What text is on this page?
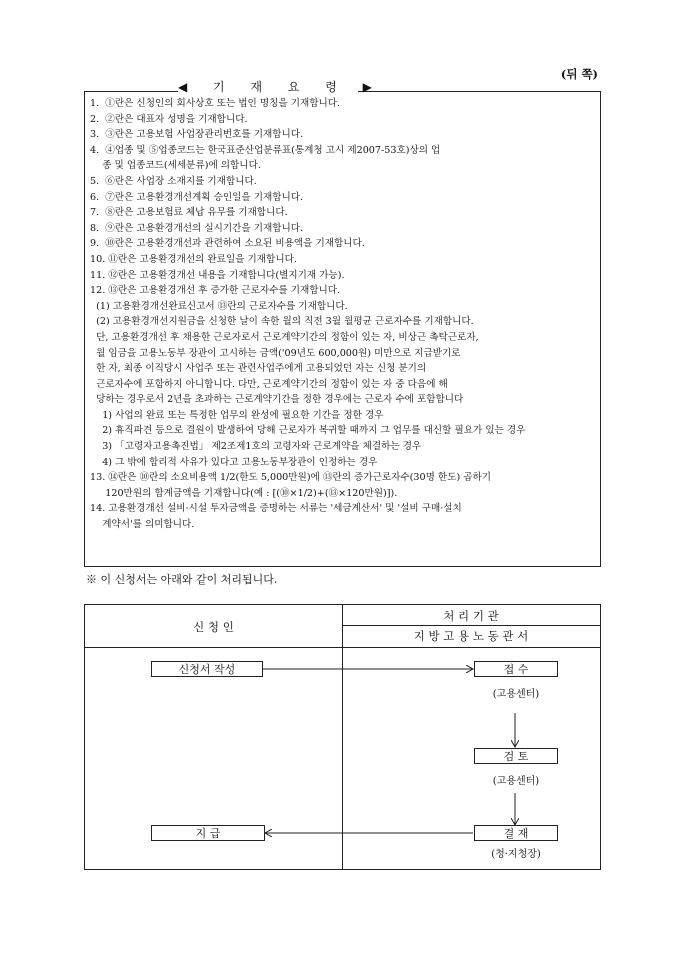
(뒤 쪽)
◀ 기 재 요 령 ▶
1.  ①란은 신청인의 회사상호 또는 법인 명칭을 기재합니다.
2.  ②란은 대표자 성명을 기재합니다.
3.  ③란은 고용보험 사업장관리번호를 기재합니다.
4.  ④업종 및 ⑤업종코드는 한국표준산업분류표(통계청 고시 제2007-53호)상의 업
종 및 업종코드(세세분류)에 의합니다.
5.  ⑥란은 사업장 소재지를 기재합니다.
6.  ⑦란은 고용환경개선계획 승인일을 기재합니다.
7.  ⑧란은 고용보험료 체납 유무를 기재합니다.
8.  ⑨란은 고용환경개선의 실시기간을 기재합니다.
9.  ⑩란은 고용환경개선과 관련하여 소요된 비용액을 기재합니다.
10. ⑪란은 고용환경개선의 완료일을 기재합니다.
11. ⑫란은 고용환경개선 내용을 기재합니다(별지기재 가능).
12. ⑬란은 고용환경개선 후 증가한 근로자수를 기재합니다.
(1) 고용환경개선완료신고서 ⑬란의 근로자수를 기재합니다.
(2) 고용환경개선지원금을 신청한 날이 속한 월의 직전 3월 월평균 근로자수를 기재합니다.
단, 고용환경개선 후 채용한 근로자로서 근로계약기간의 정함이 있는 자, 비상근 촉탁근로자,
월 임금을 고용노동부 장관이 고시하는 금액('09년도 600,000원) 미만으로 지급받기로
한 자, 최종 이직당시 사업주 또는 관련사업주에게 고용되었던 자는 신청 분기의
근로자수에 포함하지 아니합니다. 다만, 근로계약기간의 정함이 있는 자 중 다음에 해
당하는 경우로서 2년을 초과하는 근로계약기간을 정한 경우에는 근로자 수에 포함합니다
1) 사업의 완료 또는 특정한 업무의 완성에 필요한 기간을 정한 경우
2) 휴직파견 등으로 결원이 발생하여 당해 근로자가 복귀할 때까지 그 업무를 대신할 필요가 있는 경우
3) 「고령자고용촉진법」 제2조제1호의 고령자와 근로계약을 체결하는 경우
4) 그 밖에 합리적 사유가 있다고 고용노동부장관이 인정하는 경우
13. ⑭란은 ⑩란의 소요비용액 1/2(한도 5,000만원)에 ⑬란의 증가근로자수(30명 한도) 곱하기
120만원의 합계금액을 기재합니다(예 : [(⑩×1/2)+(⑬×120만원)]).
14. 고용환경개선 설비·시설 투자금액을 증명하는 서류는 '세금계산서' 및 '설비 구매·설치
계약서'를 의미합니다.
※ 이 신청서는 아래와 같이 처리됩니다.
신 청 인
처 리 기 관
지 방 고 용 노 동 관 서
신청서 작성	접 수
(고용센터)
검 토
(고용센터)
지 급	결 재
(청·지청장)
